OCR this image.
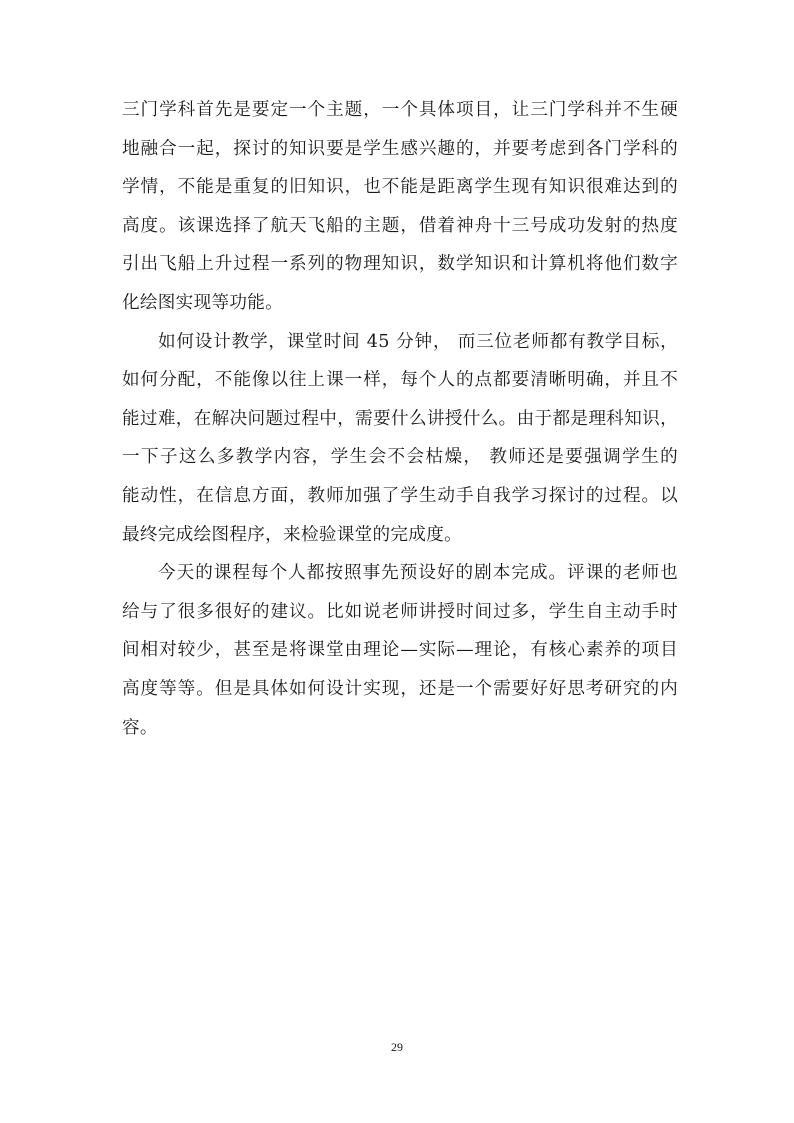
三门学科首先是要定一个主题，一个具体项目，让三门学科并不生硬
地融合一起，探讨的知识要是学生感兴趣的，并要考虑到各门学科的
学情，不能是重复的旧知识，也不能是距离学生现有知识很难达到的
高度。该课选择了航天飞船的主题，借着神舟十三号成功发射的热度
引出飞船上升过程一系列的物理知识，数学知识和计算机将他们数字
化绘图实现等功能。
如何设计教学，课堂时间 45 分钟， 而三位老师都有教学目标，
如何分配，不能像以往上课一样，每个人的点都要清晰明确，并且不
能过难，在解决问题过程中，需要什么讲授什么。由于都是理科知识，
一下子这么多教学内容，学生会不会枯燥， 教师还是要强调学生的
能动性，在信息方面，教师加强了学生动手自我学习探讨的过程。以
最终完成绘图程序，来检验课堂的完成度。
今天的课程每个人都按照事先预设好的剧本完成。评课的老师也
给与了很多很好的建议。比如说老师讲授时间过多，学生自主动手时
间相对较少，甚至是将课堂由理论—实际—理论，有核心素养的项目
高度等等。但是具体如何设计实现，还是一个需要好好思考研究的内
容。
29
